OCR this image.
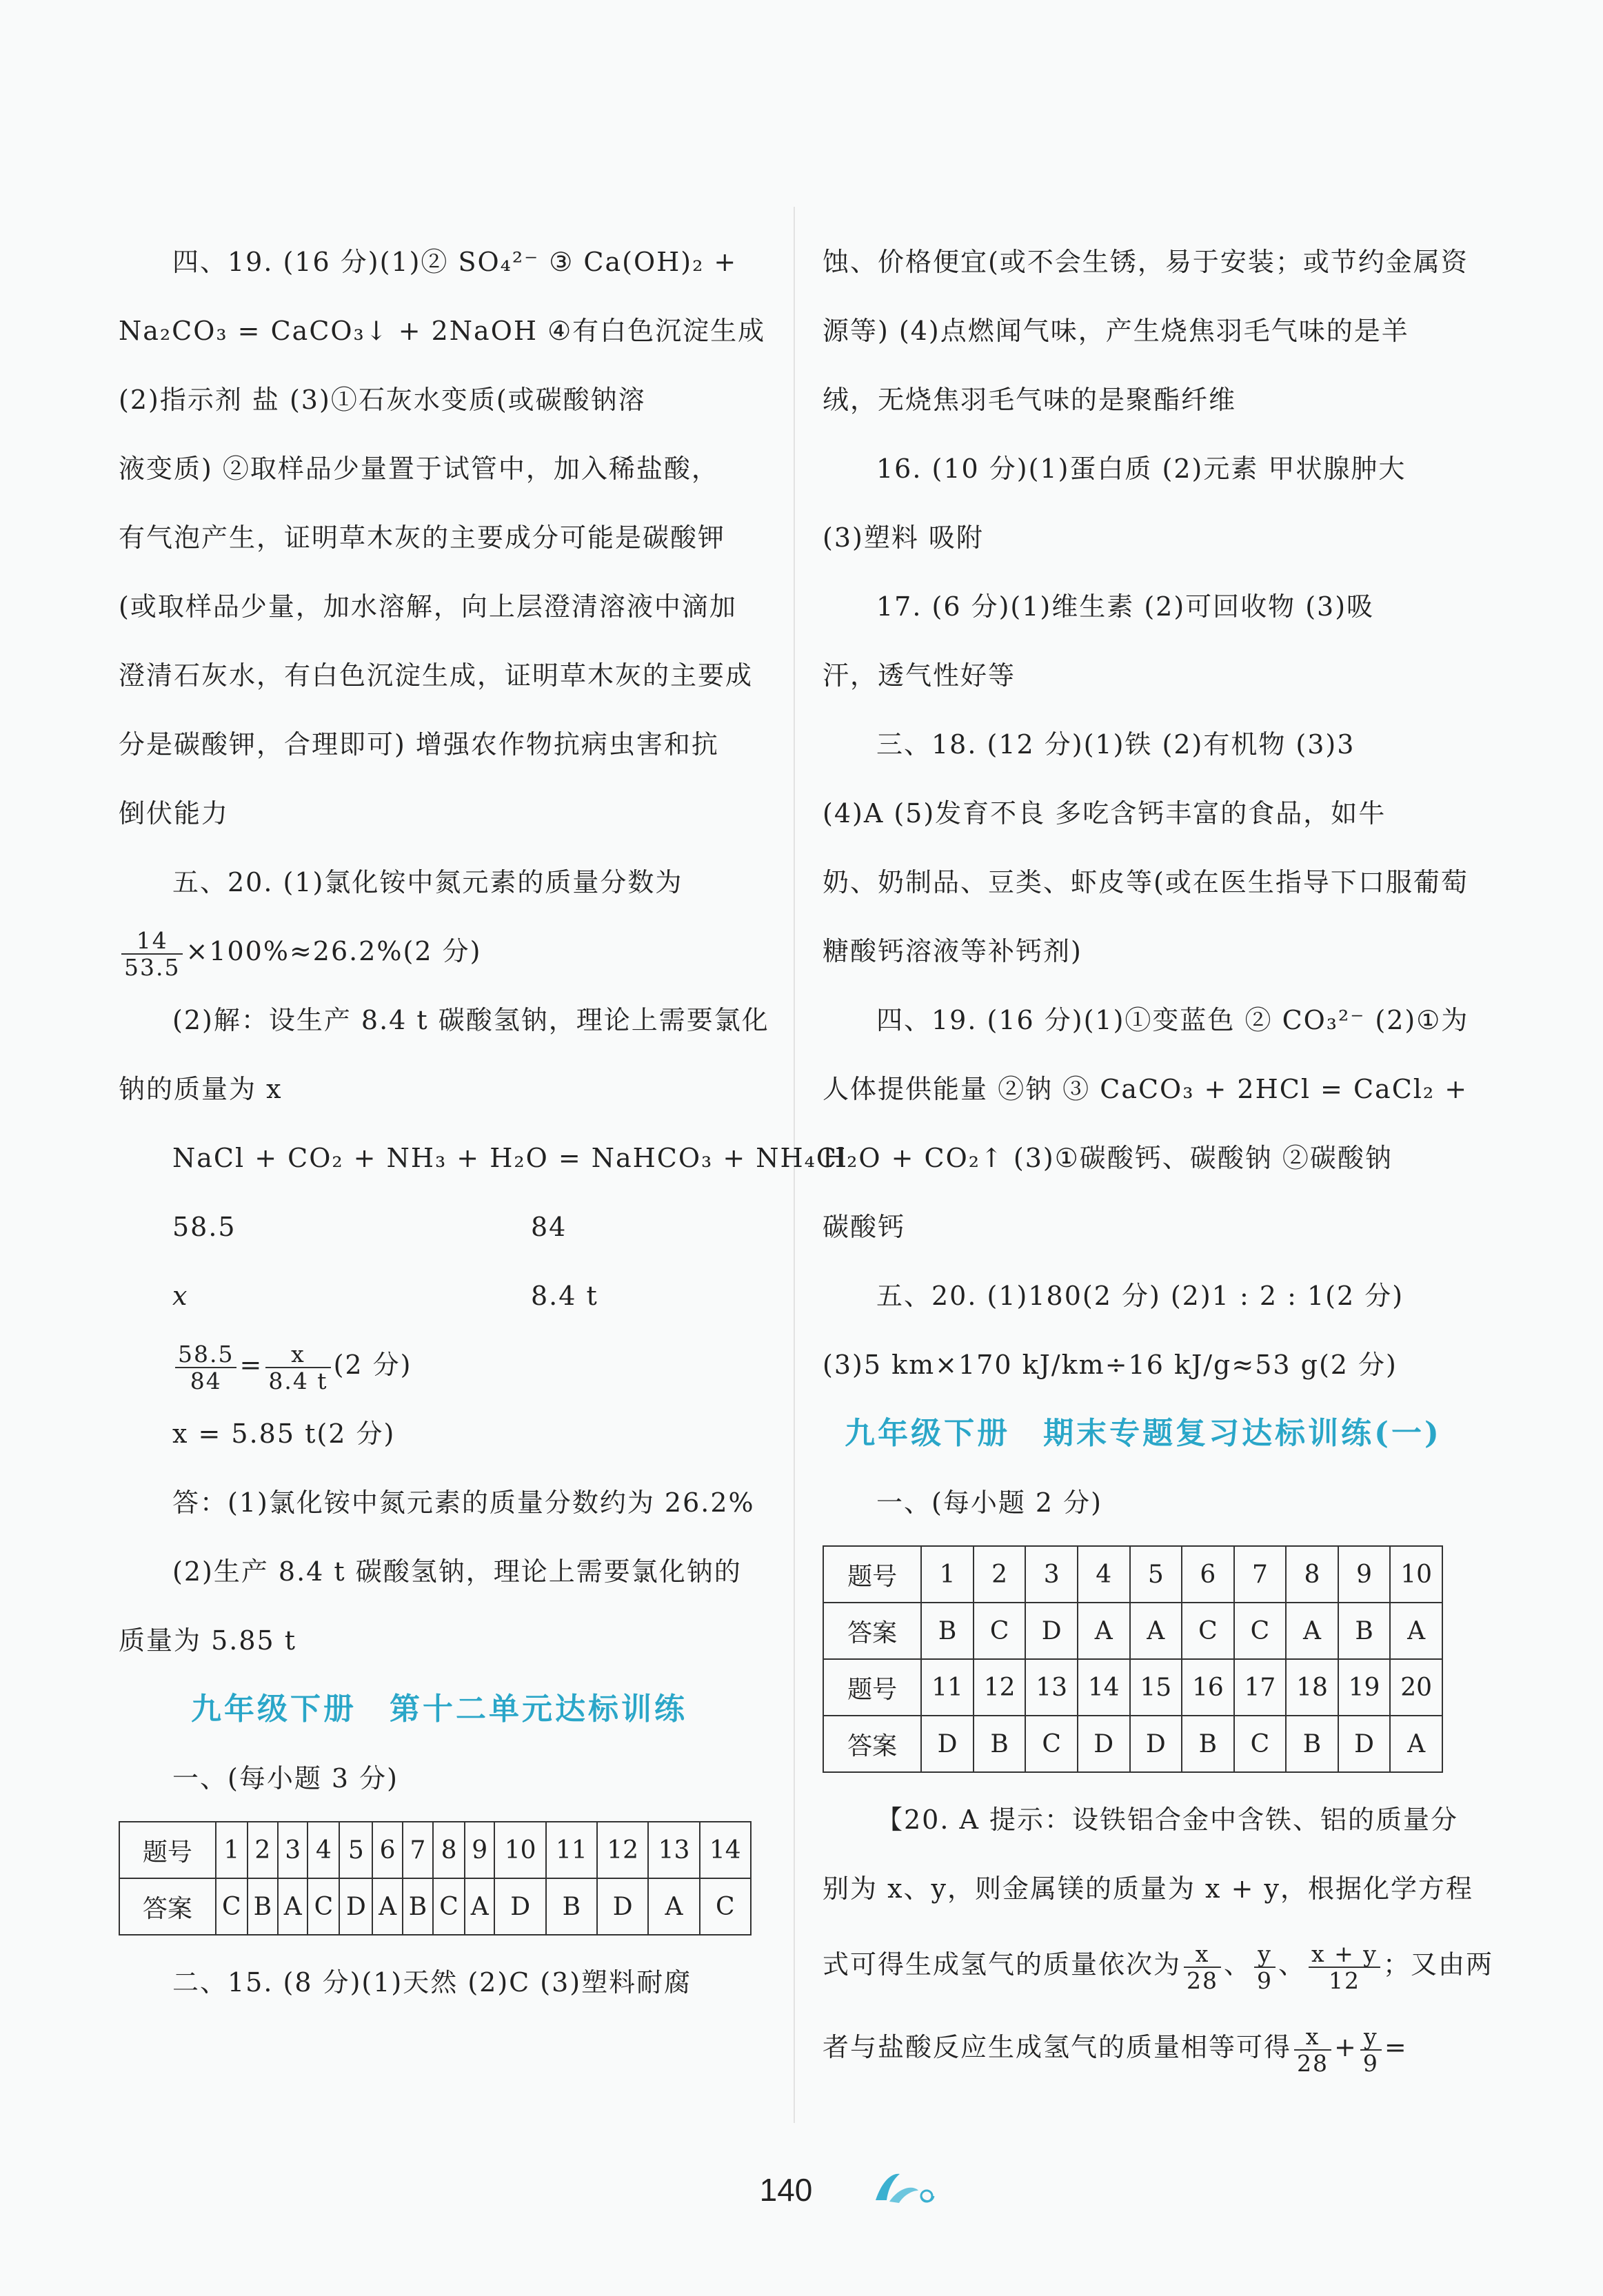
四、19. (16 分)(1)② SO₄²⁻ ③ Ca(OH)₂ +

Na₂CO₃ = CaCO₃↓ + 2NaOH ④有白色沉淀生成

(2)指示剂 盐 (3)①石灰水变质(或碳酸钠溶

液变质) ②取样品少量置于试管中，加入稀盐酸，

有气泡产生，证明草木灰的主要成分可能是碳酸钾

(或取样品少量，加水溶解，向上层澄清溶液中滴加

澄清石灰水，有白色沉淀生成，证明草木灰的主要成

分是碳酸钾，合理即可) 增强农作物抗病虫害和抗

倒伏能力

五、20. (1)氯化铵中氮元素的质量分数为

$\frac{14}{53.5} \times 100\%\approx 26.2\%(2$ 分)

(2)解：设生产 8.4 t 碳酸氢钠，理论上需要氯化

钠的质量为 x

NaCl + CO₂ + NH₃ + H₂O = NaHCO₃ + NH₄Cl

58.5	84

x	8.4 t

$\frac{58.5}{84} = \frac{x}{8.4 t} (2$ 分)

x = 5.85 t(2 分)

答：(1)氯化铵中氮元素的质量分数约为 26.2%

(2)生产 8.4 t 碳酸氢钠，理论上需要氯化钠的

质量为 5.85 t

九年级下册　第十二单元达标训练

一、(每小题 3 分)

题号	1	2	3	4	5	6	7	8	9	10	11	12	13	14
答案	C	B	A	C	D	A	B	C	A	D	B	D	A	C

二、15. (8 分)(1)天然 (2)C (3)塑料耐腐

蚀、价格便宜(或不会生锈，易于安装；或节约金属资

源等) (4)点燃闻气味，产生烧焦羽毛气味的是羊

绒，无烧焦羽毛气味的是聚酯纤维

16. (10 分)(1)蛋白质 (2)元素 甲状腺肿大

(3)塑料 吸附

17. (6 分)(1)维生素 (2)可回收物 (3)吸

汗，透气性好等

三、18. (12 分)(1)铁 (2)有机物 (3)3

(4)A (5)发育不良 多吃含钙丰富的食品，如牛

奶、奶制品、豆类、虾皮等(或在医生指导下口服葡萄

糖酸钙溶液等补钙剂)

四、19. (16 分)(1)①变蓝色 ② CO₃²⁻ (2)①为

人体提供能量 ②钠 ③ CaCO₃ + 2HCl = CaCl₂ +

H₂O + CO₂↑ (3)①碳酸钙、碳酸钠 ②碳酸钠

碳酸钙

五、20. (1)180(2 分) (2)1 : 2 : 1(2 分)

(3)5 km×170 kJ/km÷16 kJ/g≈53 g(2 分)

九年级下册　期末专题复习达标训练(一)

一、(每小题 2 分)

题号	1	2	3	4	5	6	7	8	9	10
答案	B	C	D	A	A	C	C	A	B	A
题号	11	12	13	14	15	16	17	18	19	20
答案	D	B	C	D	D	B	C	B	D	A

【20. A 提示：设铁铝合金中含铁、铝的质量分

别为 x、y，则金属镁的质量为 x + y，根据化学方程

式可得生成氢气的质量依次为 $\frac{x}{28}$ 、 $\frac{y}{9}$ 、 $\frac{x + y}{12}$ ；又由两

者与盐酸反应生成氢气的质量相等可得 $\frac{x}{28} + \frac{y}{9}$ =

140
